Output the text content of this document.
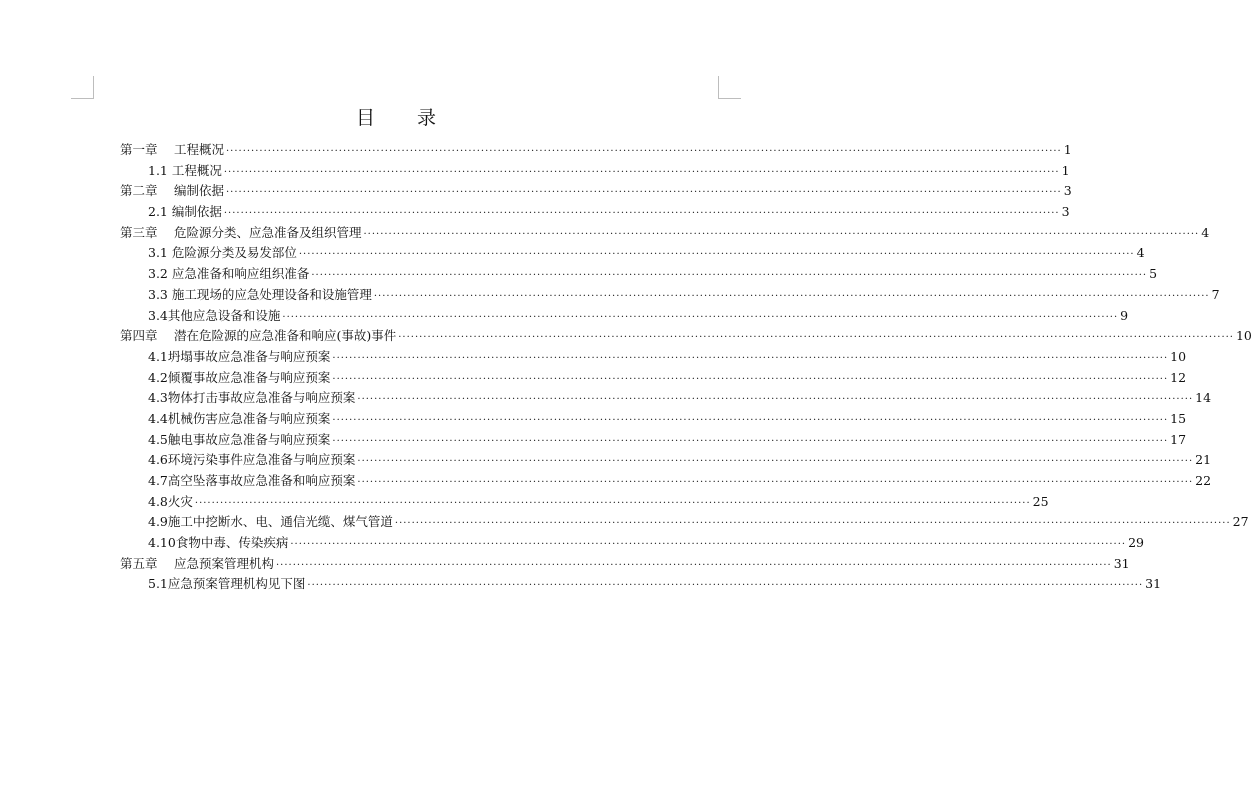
目 录
第一章　 工程概况 ········································································································································································································ 1
1.1 工程概况 ········································································································································································································ 1
第二章　 编制依据 ········································································································································································································ 3
2.1 编制依据 ········································································································································································································ 3
第三章　 危险源分类、应急准备及组织管理 ········································································································································································································ 4
3.1 危险源分类及易发部位 ········································································································································································································ 4
3.2 应急准备和响应组织准备 ········································································································································································································ 5
3.3 施工现场的应急处理设备和设施管理 ········································································································································································································ 7
3.4其他应急设备和设施 ········································································································································································································ 9
第四章　 潜在危险源的应急准备和响应(事故)事件 ········································································································································································································ 10
4.1坍塌事故应急准备与响应预案 ········································································································································································································ 10
4.2倾覆事故应急准备与响应预案 ········································································································································································································ 12
4.3物体打击事故应急准备与响应预案 ········································································································································································································ 14
4.4机械伤害应急准备与响应预案 ········································································································································································································ 15
4.5触电事故应急准备与响应预案 ········································································································································································································ 17
4.6环境污染事件应急准备与响应预案 ········································································································································································································ 21
4.7高空坠落事故应急准备和响应预案 ········································································································································································································ 22
4.8火灾 ········································································································································································································ 25
4.9施工中挖断水、电、通信光缆、煤气管道 ········································································································································································································ 27
4.10食物中毒、传染疾病 ········································································································································································································ 29
第五章　 应急预案管理机构 ········································································································································································································ 31
5.1应急预案管理机构见下图 ········································································································································································································ 31
